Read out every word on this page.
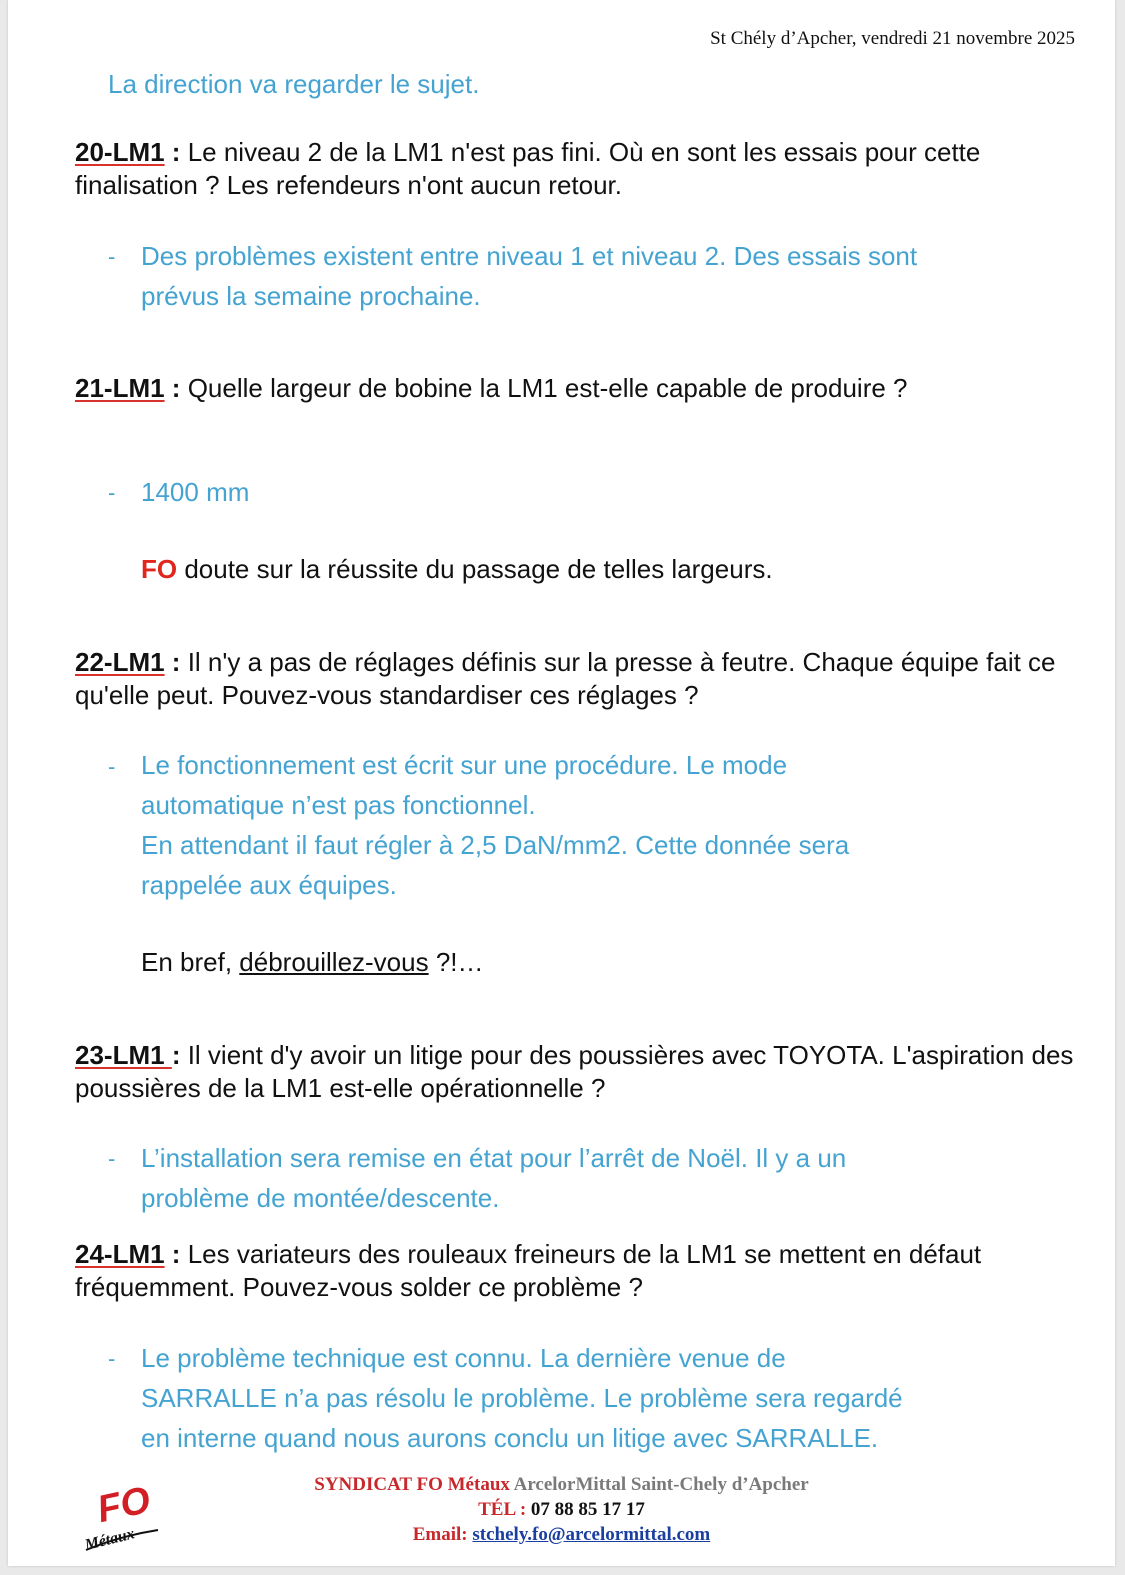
St Chély d’Apcher, vendredi 21 novembre 2025
La direction va regarder le sujet.
20-LM1 : Le niveau 2 de la LM1 n'est pas fini. Où en sont les essais pour cette finalisation ? Les refendeurs n'ont aucun retour.
- Des problèmes existent entre niveau 1 et niveau 2. Des essais sont
prévus la semaine prochaine.
21-LM1 : Quelle largeur de bobine la LM1 est-elle capable de produire ?
- 1400 mm
FO doute sur la réussite du passage de telles largeurs.
22-LM1 : Il n'y a pas de réglages définis sur la presse à feutre. Chaque équipe fait ce qu'elle peut. Pouvez-vous standardiser ces réglages ?
- Le fonctionnement est écrit sur une procédure. Le mode
automatique n’est pas fonctionnel.
En attendant il faut régler à 2,5 DaN/mm2. Cette donnée sera
rappelée aux équipes.
En bref, débrouillez-vous ?!…
23-LM1 : Il vient d'y avoir un litige pour des poussières avec TOYOTA. L'aspiration des poussières de la LM1 est-elle opérationnelle ?
- L’installation sera remise en état pour l’arrêt de Noël. Il y a un
problème de montée/descente.
24-LM1 : Les variateurs des rouleaux freineurs de la LM1 se mettent en défaut fréquemment. Pouvez-vous solder ce problème ?
- Le problème technique est connu. La dernière venue de
SARRALLE n’a pas résolu le problème. Le problème sera regardé
en interne quand nous aurons conclu un litige avec SARRALLE.
FO
Métaux
SYNDICAT FO Métaux ArcelorMittal Saint-Chely d’Apcher
TÉL : 07 88 85 17 17
Email: stchely.fo@arcelormittal.com
